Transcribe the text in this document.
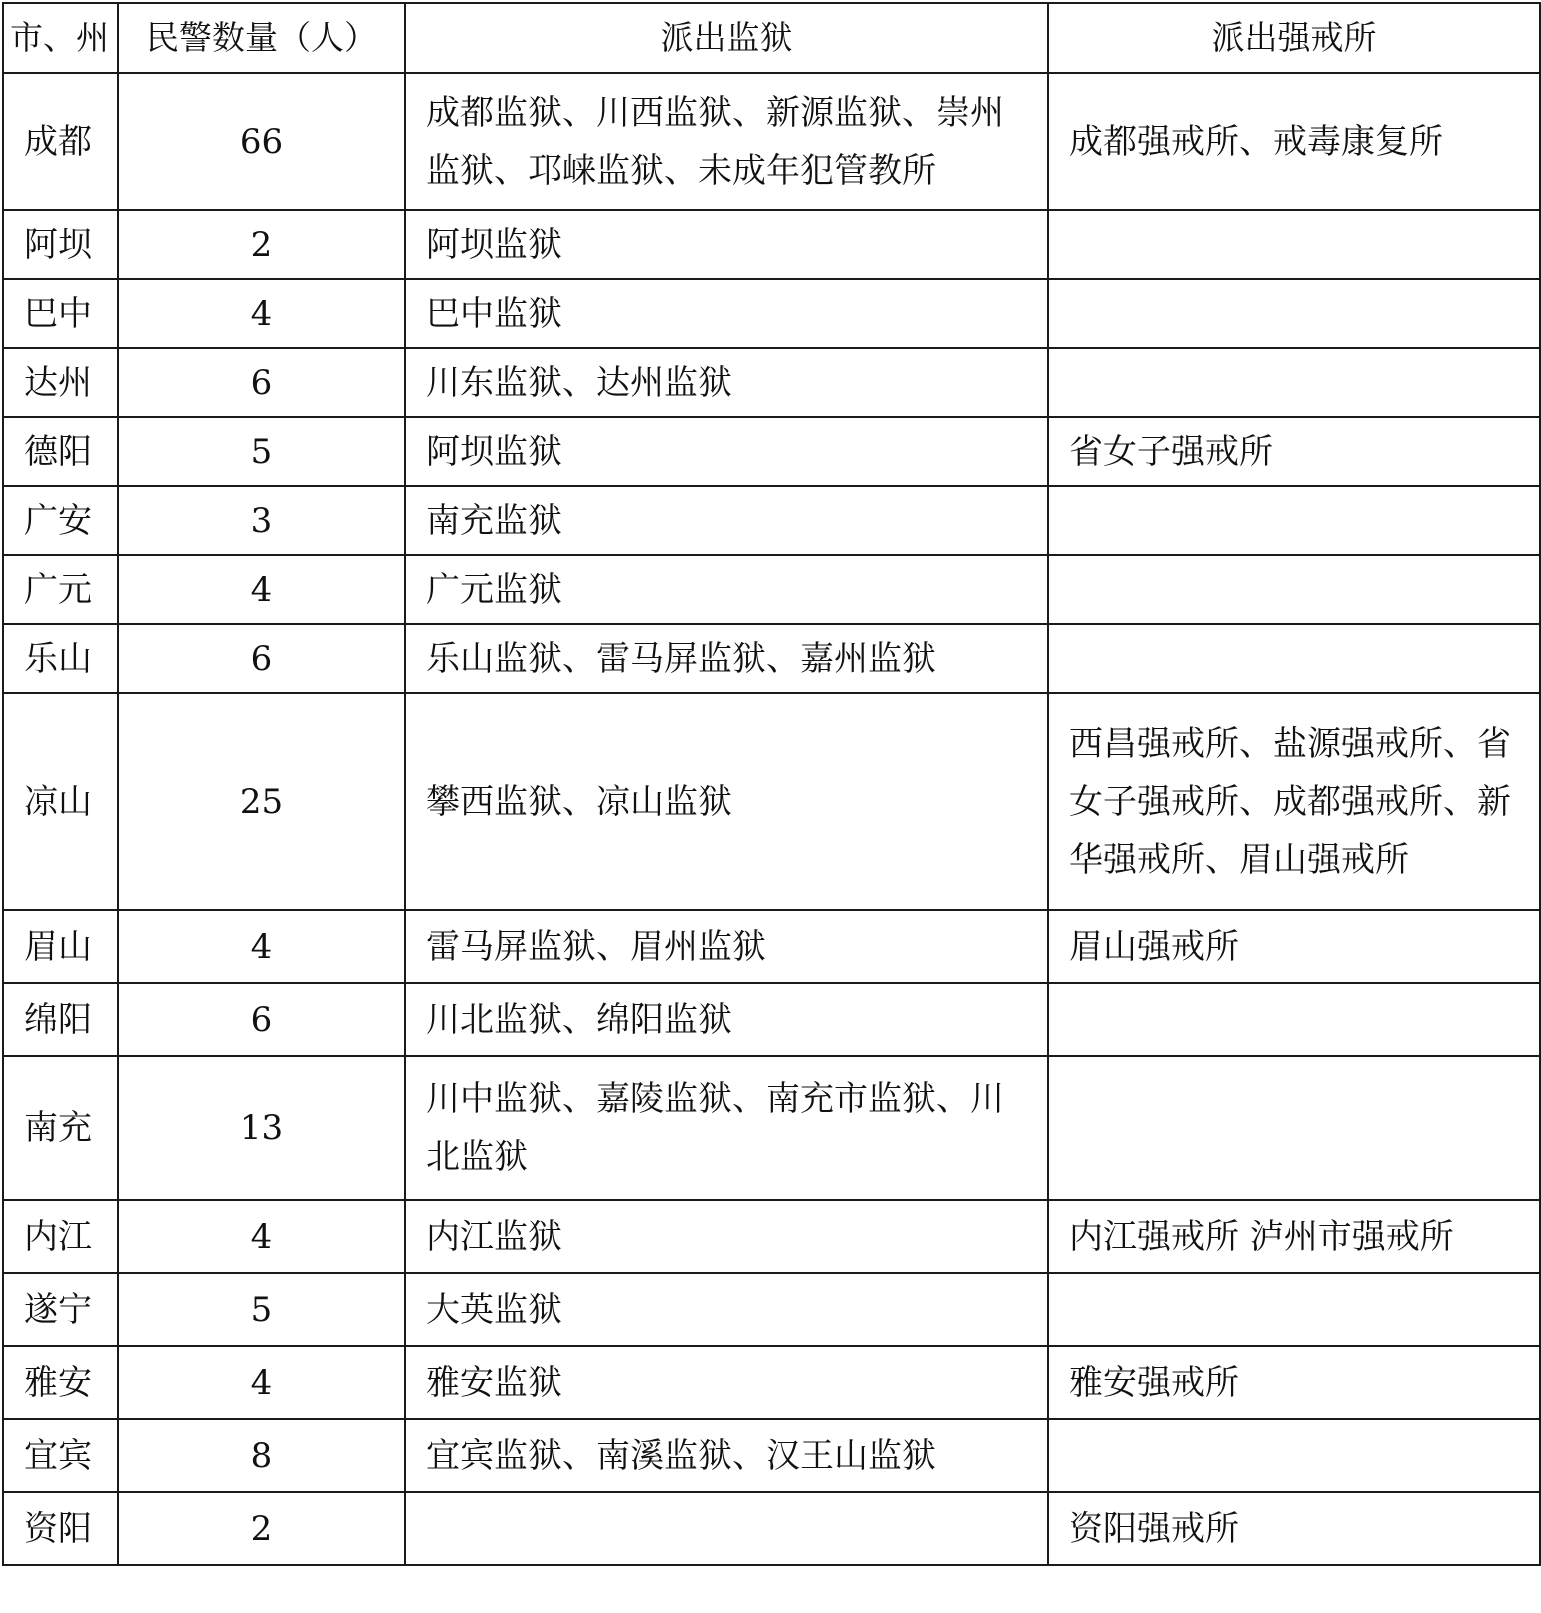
市、州	民警数量（人）	派出监狱	派出强戒所
成都	66	成都监狱、川西监狱、新源监狱、崇州监狱、邛崃监狱、未成年犯管教所	成都强戒所、戒毒康复所
阿坝	2	阿坝监狱	
巴中	4	巴中监狱	
达州	6	川东监狱、达州监狱	
德阳	5	阿坝监狱	省女子强戒所
广安	3	南充监狱	
广元	4	广元监狱	
乐山	6	乐山监狱、雷马屏监狱、嘉州监狱	
凉山	25	攀西监狱、凉山监狱	西昌强戒所、盐源强戒所、省女子强戒所、成都强戒所、新华强戒所、眉山强戒所
眉山	4	雷马屏监狱、眉州监狱	眉山强戒所
绵阳	6	川北监狱、绵阳监狱	
南充	13	川中监狱、嘉陵监狱、南充市监狱、川北监狱	
内江	4	内江监狱	内江强戒所 泸州市强戒所
遂宁	5	大英监狱	
雅安	4	雅安监狱	雅安强戒所
宜宾	8	宜宾监狱、南溪监狱、汉王山监狱	
资阳	2		资阳强戒所
